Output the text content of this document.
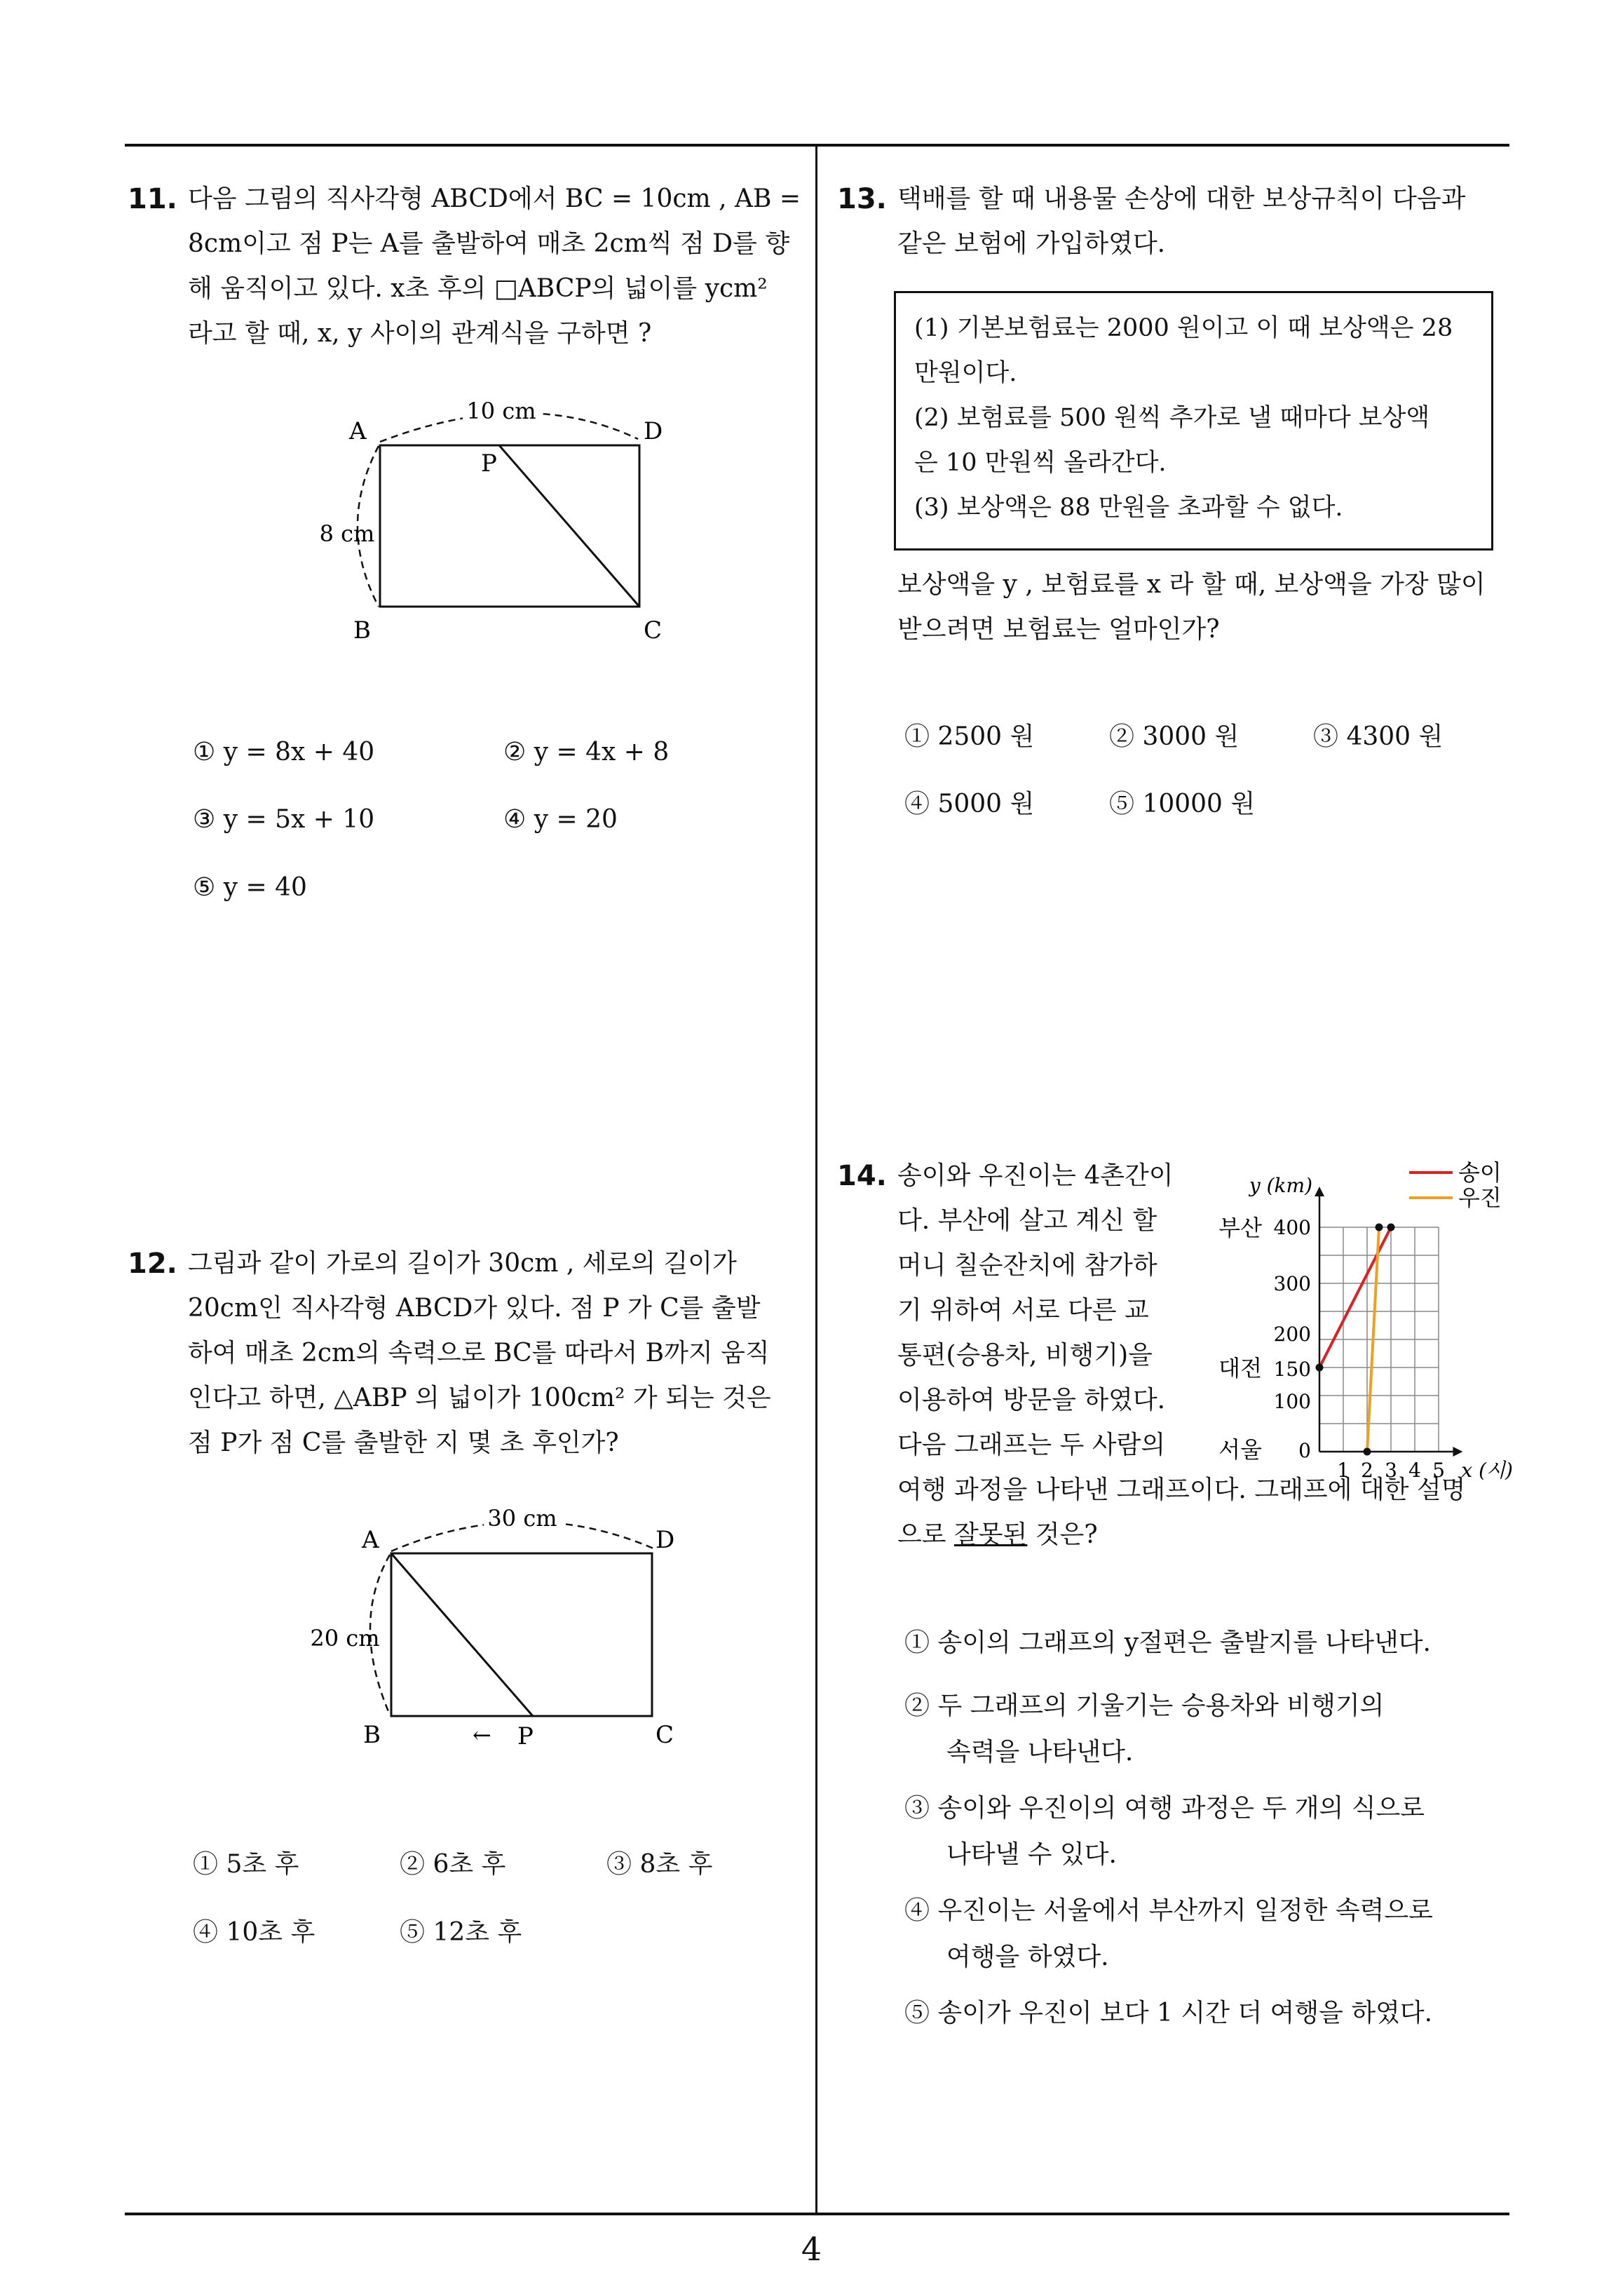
11. 다음 그림의 직사각형 ABCD에서 BC = 10cm , AB =

8cm이고 점 P는 A를 출발하여 매초 2cm씩 점 D를 향

해 움직이고 있다. x초 후의 □ABCP의 넓이를 ycm²

라고 할 때, x, y 사이의 관계식을 구하면 ?

10 cm
8 cm
A	D
P
B	C
① y = 8x + 40	② y = 4x + 8
③ y = 5x + 10	④ y = 20
⑤ y = 40
12. 그림과 같이 가로의 길이가 30cm , 세로의 길이가

20cm인 직사각형 ABCD가 있다. 점 P 가 C를 출발

하여 매초 2cm의 속력으로 BC를 따라서 B까지 움직

인다고 하면, △ABP 의 넓이가 100cm² 가 되는 것은

점 P가 점 C를 출발한 지 몇 초 후인가?

30 cm
20 cm
A	D
B	P
←	C
① 5초 후	② 6초 후	③ 8초 후
④ 10초 후	⑤ 12초 후
13. 택배를 할 때 내용물 손상에 대한 보상규칙이 다음과

같은 보험에 가입하였다.

(1) 기본보험료는 2000 원이고 이 때 보상액은 28

만원이다.

(2) 보험료를 500 원씩 추가로 낼 때마다 보상액

은 10 만원씩 올라간다.

(3) 보상액은 88 만원을 초과할 수 없다.

보상액을 y , 보험료를 x 라 할 때, 보상액을 가장 많이

받으려면 보험료는 얼마인가?

① 2500 원	② 3000 원	③ 4300 원
④ 5000 원	⑤ 10000 원
14. 송이와 우진이는 4촌간이

다. 부산에 살고 계신 할

머니 칠순잔치에 참가하

기 위하여 서로 다른 교

통편(승용차, 비행기)을

이용하여 방문을 하였다.

다음 그래프는 두 사람의

여행 과정을 나타낸 그래프이다. 그래프에 대한 설명

으로 잘못된 것은?

y (km)
x (시)
1 2 3 4 5
0
100
150
200
300
400
부산
대전
서울
송이
우진
① 송이의 그래프의 y절편은 출발지를 나타낸다.
② 두 그래프의 기울기는 승용차와 비행기의
속력을 나타낸다.
③ 송이와 우진이의 여행 과정은 두 개의 식으로
나타낼 수 있다.
④ 우진이는 서울에서 부산까지 일정한 속력으로
여행을 하였다.
⑤ 송이가 우진이 보다 1 시간 더 여행을 하였다.
4
